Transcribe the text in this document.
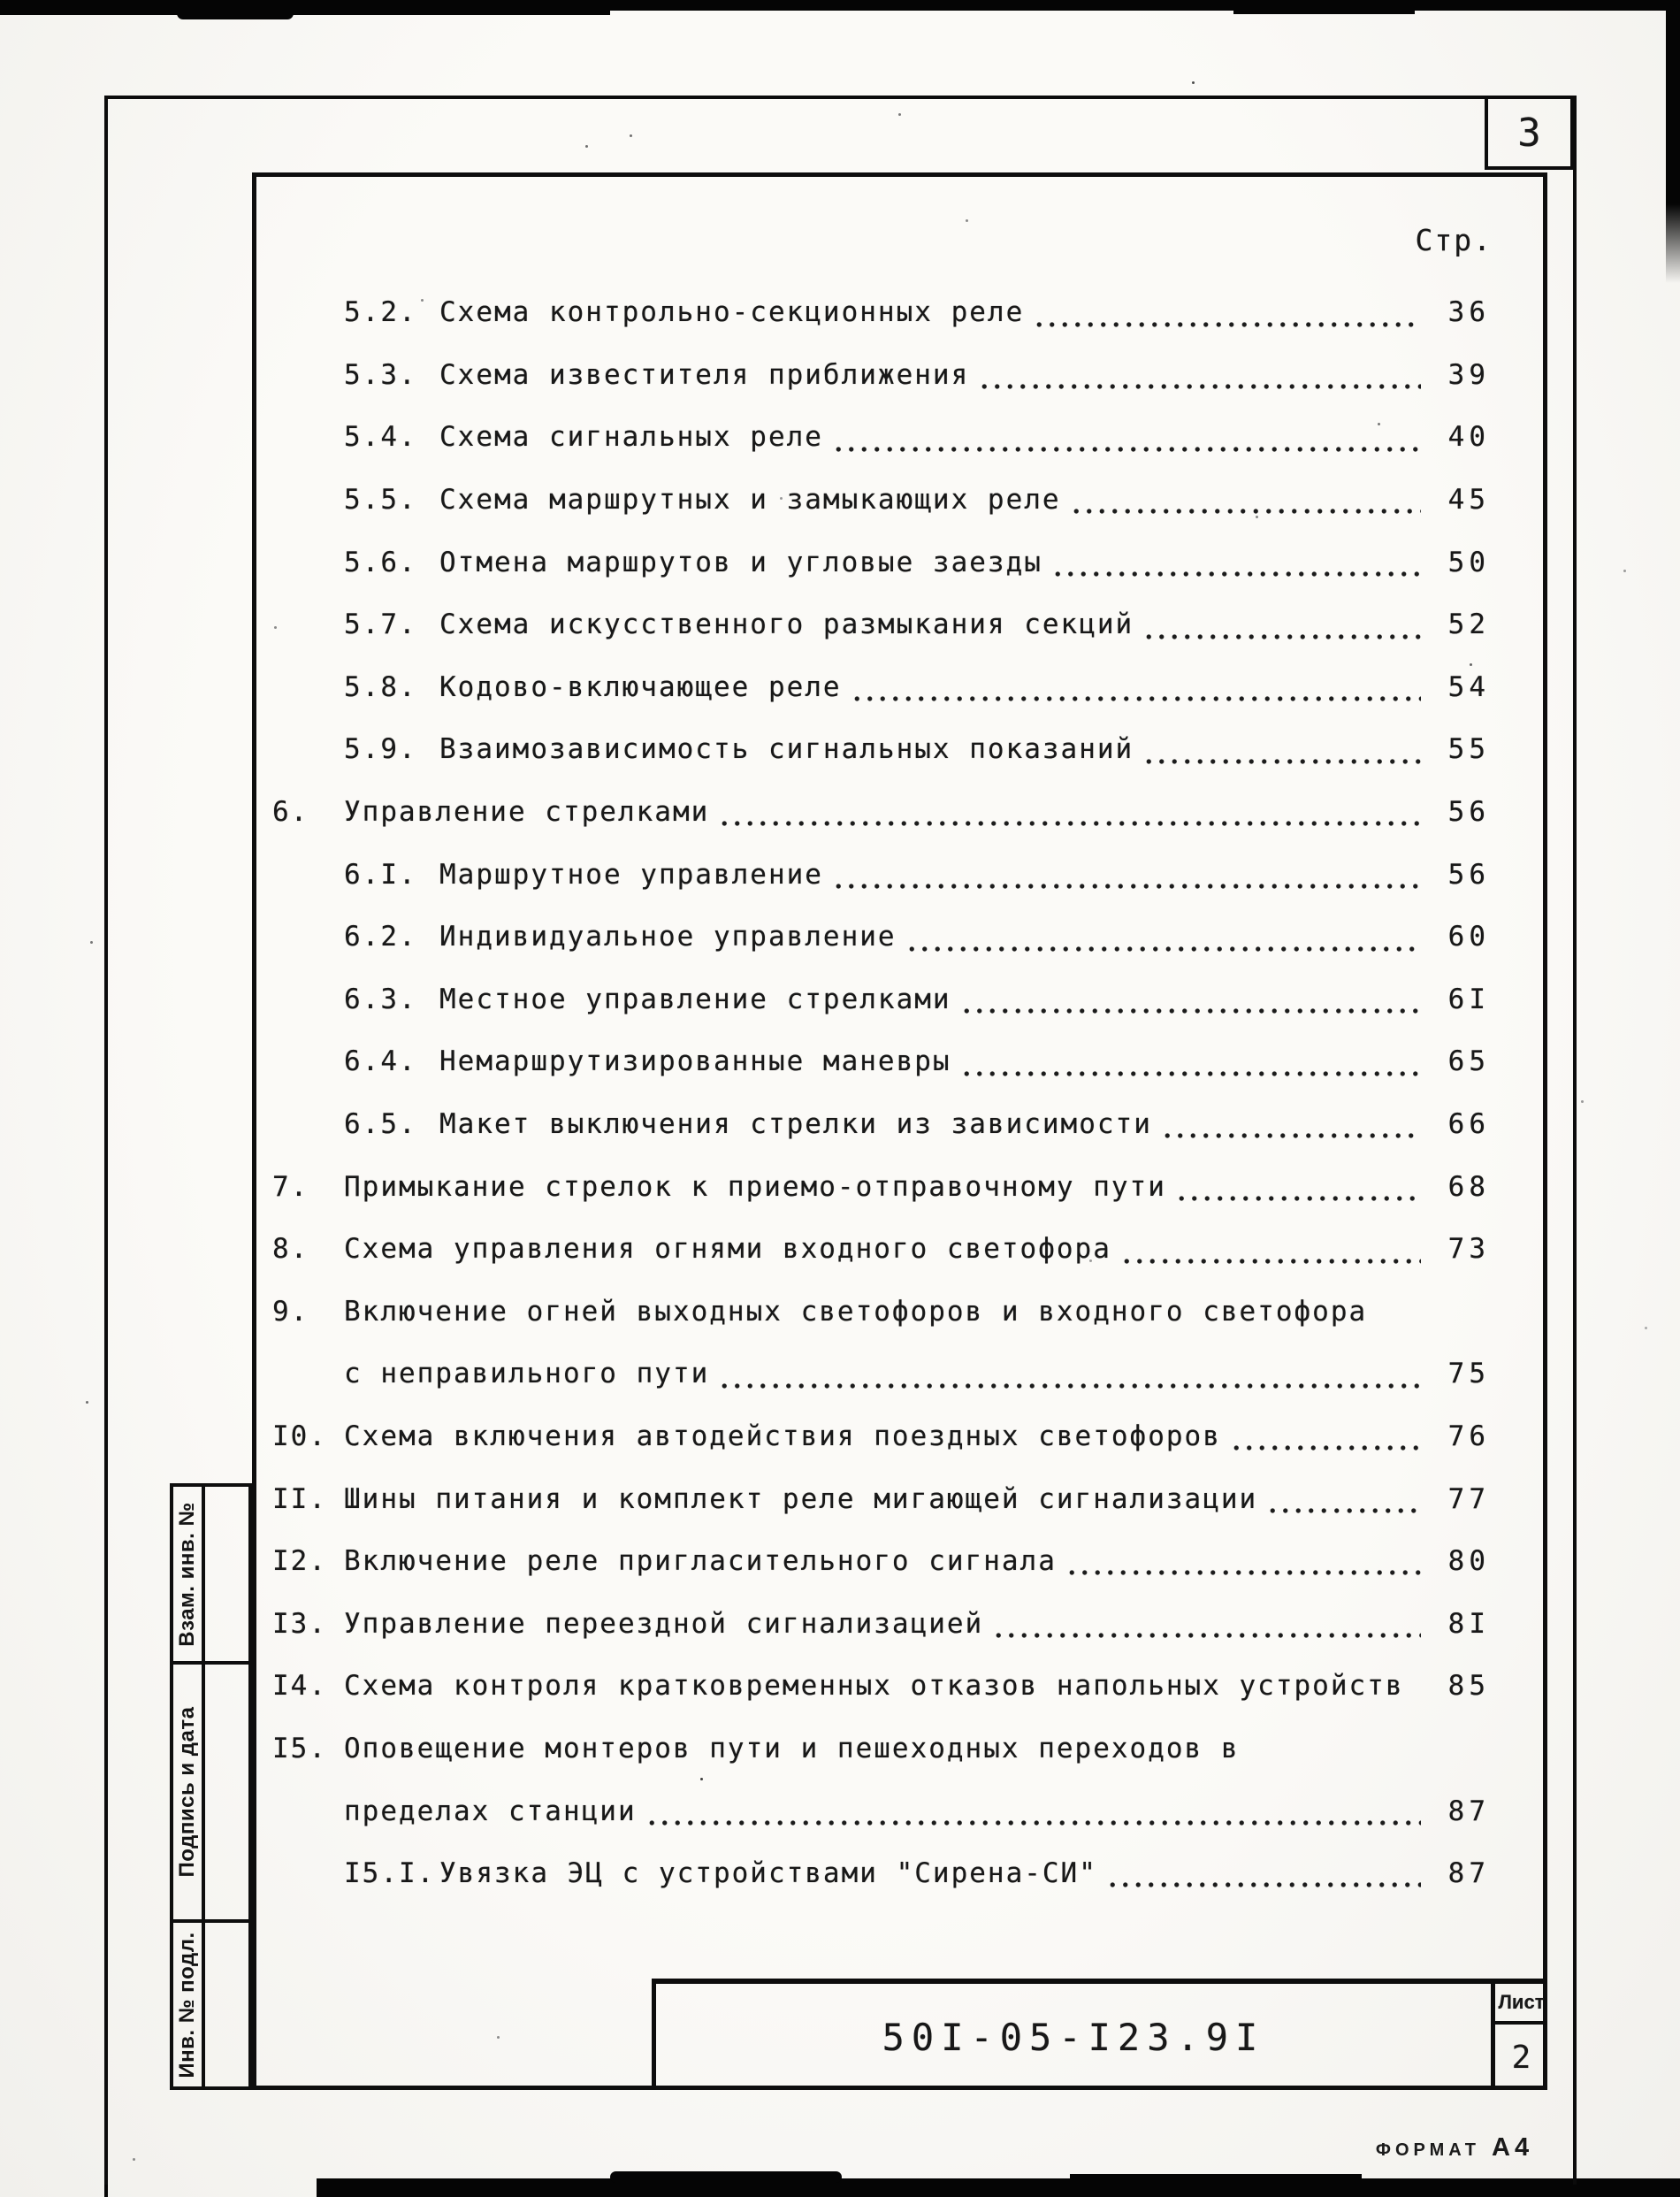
3
Стр.
5.2. Схема контрольно-секционных реле	36
5.3. Схема известителя приближения	39
5.4. Схема сигнальных реле	40
5.5. Схема маршрутных и замыкающих реле	45
5.6. Отмена маршрутов и угловые заезды	50
5.7. Схема искусственного размыкания секций	52
5.8. Кодово-включающее реле	54
5.9. Взаимозависимость сигнальных показаний	55
6.	Управление стрелками	56
6.I. Маршрутное управление	56
6.2. Индивидуальное управление	60
6.3. Местное управление стрелками	6I
6.4. Немаршрутизированные маневры	65
6.5. Макет выключения стрелки из зависимости	66
7.	Примыкание стрелок к приемо-отправочному пути	68
8.	Схема управления огнями входного светофора	73
9.	Включение огней выходных светофоров и входного светофора
с неправильного пути	75
I0. Схема включения автодействия поездных светофоров	76
II. Шины питания и комплект реле мигающей сигнализации	77
I2. Включение реле пригласительного сигнала	80
I3. Управление переездной сигнализацией	8I
I4. Схема контроля кратковременных отказов напольных устройств	85
I5. Оповещение монтеров пути и пешеходных переходов в
пределах станции	87
I5.I. Увязка ЭЦ с устройствами "Сирена-СИ"	87
Взам. инв. №
Подпись и дата
Инв. № подл.	50I-05-I23.9I
Лист
2
формат А4
